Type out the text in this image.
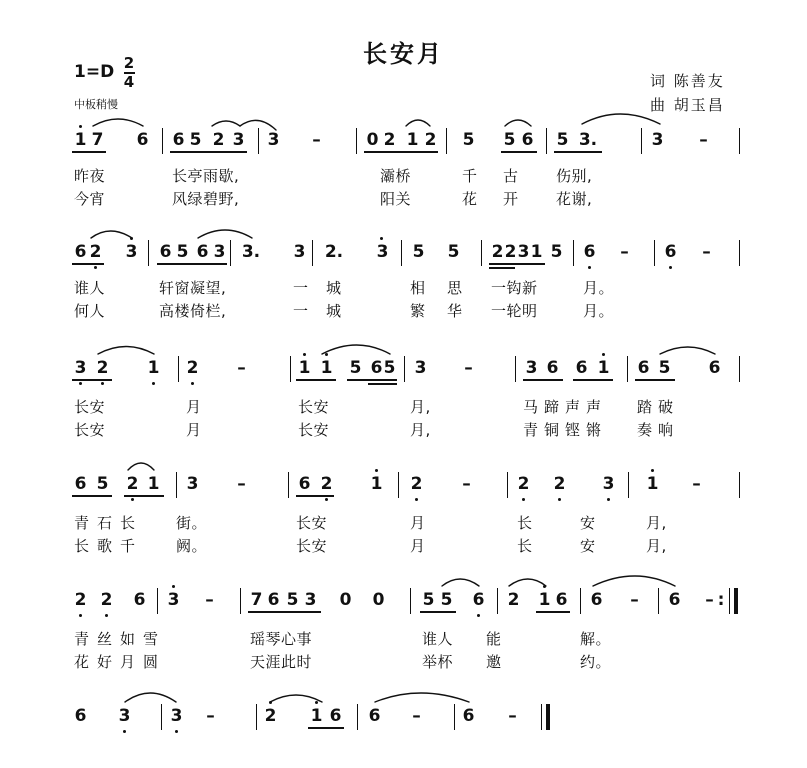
长安月
1=D 2
4
中板稍慢
词 陈善友
曲 胡玉昌
1 7 6 6 5 2 3 3 –	0 2 1 2 5 5 6 5 3.	3 –
昨夜	长亭雨歇,	灞桥	千 古 伤别,
今宵	风绿碧野,	阳关	花 开 花谢,
6 2 3 6 5 6 3 3. 3 2. 3 5 5 2 2 3 1 5 6 – 6 –
谁人	轩窗凝望,	一 城	相 思 一钩新	月。
何人	高楼倚栏,	一 城	繁 华 一轮明	月。
3 2 1 2 –	1 1 5 6 5 3 –	3 6 6 1 6 5 6
长安	月	长安	月,	马蹄声声 踏破
长安	月	长安	月,	青铜铿锵 奏响
6 5 2 1 3 –	6 2 1 2 –	2 2 3 1 –
青石长 街。	长安	月	长	安	月,
长歌千 阙。	长安	月	长	安	月,
2 2 6 3 – 7 6 5 3 0 0 5 5 6 2 1 6 6 – 6 – :
青丝如雪	瑶琴心事	谁人 能	解。
花好月圆	天涯此时	举杯 邀	约。
6 3 3 –	2 1 6 6 – 6 –
